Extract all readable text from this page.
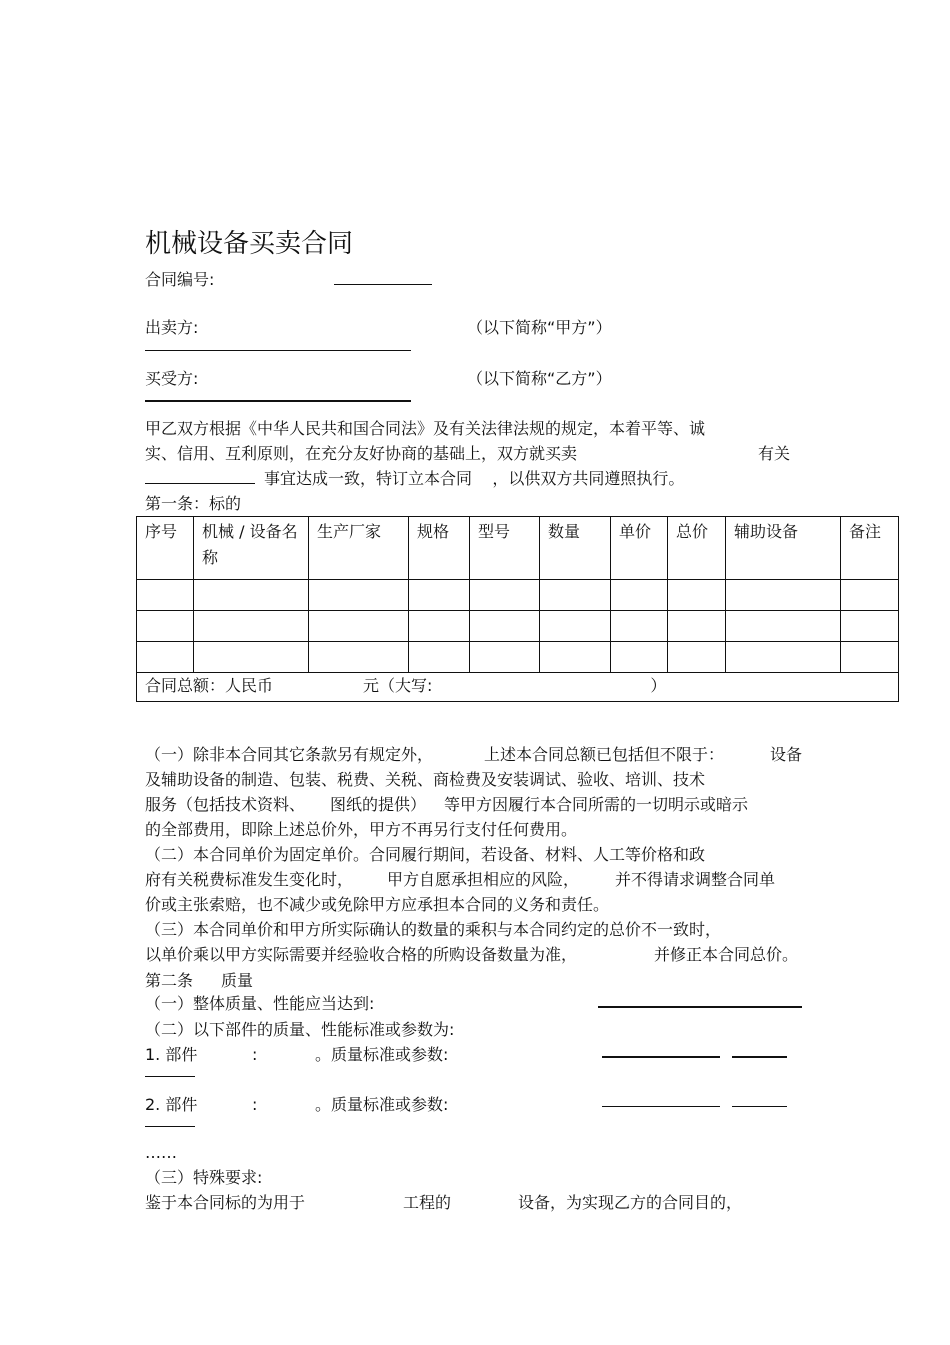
机械设备买卖合同
合同编号:
出卖方:	（以下简称“甲方”）
买受方:	（以下简称“乙方”）
甲乙双方根据《中华人民共和国合同法》及有关法律法规的规定，本着平等、诚
实、信用、互利原则，在充分友好协商的基础上，双方就买卖	有关
事宜达成一致，特订立本合同    ，以供双方共同遵照执行。
第一条：标的
序号	机械 / 设备名称	生产厂家	规格	型号	数量	单价	总价	辅助设备	备注

合同总额：人民币 元（大写: ）									
（一）除非本合同其它条款另有规定外，	上述本合同总额已包括但不限于：	设备
及辅助设备的制造、包装、税费、关税、商检费及安装调试、验收、培训、技术
服务（包括技术资料、 图纸的提供） 等甲方因履行本合同所需的一切明示或暗示
的全部费用，即除上述总价外，甲方不再另行支付任何费用。
（二）本合同单价为固定单价。合同履行期间，若设备、材料、人工等价格和政
府有关税费标准发生变化时， 甲方自愿承担相应的风险， 并不得请求调整合同单
价或主张索赔，也不减少或免除甲方应承担本合同的义务和责任。
（三）本合同单价和甲方所实际确认的数量的乘积与本合同约定的总价不一致时，
以单价乘以甲方实际需要并经验收合格的所购设备数量为准，	并修正本合同总价。
第二条 质量
（一）整体质量、性能应当达到:
（二）以下部件的质量、性能标准或参数为:
1. 部件	:	。质量标准或参数:
2. 部件	:	。质量标准或参数:
……
（三）特殊要求:
鉴于本合同标的为用于	工程的	设备，为实现乙方的合同目的，
